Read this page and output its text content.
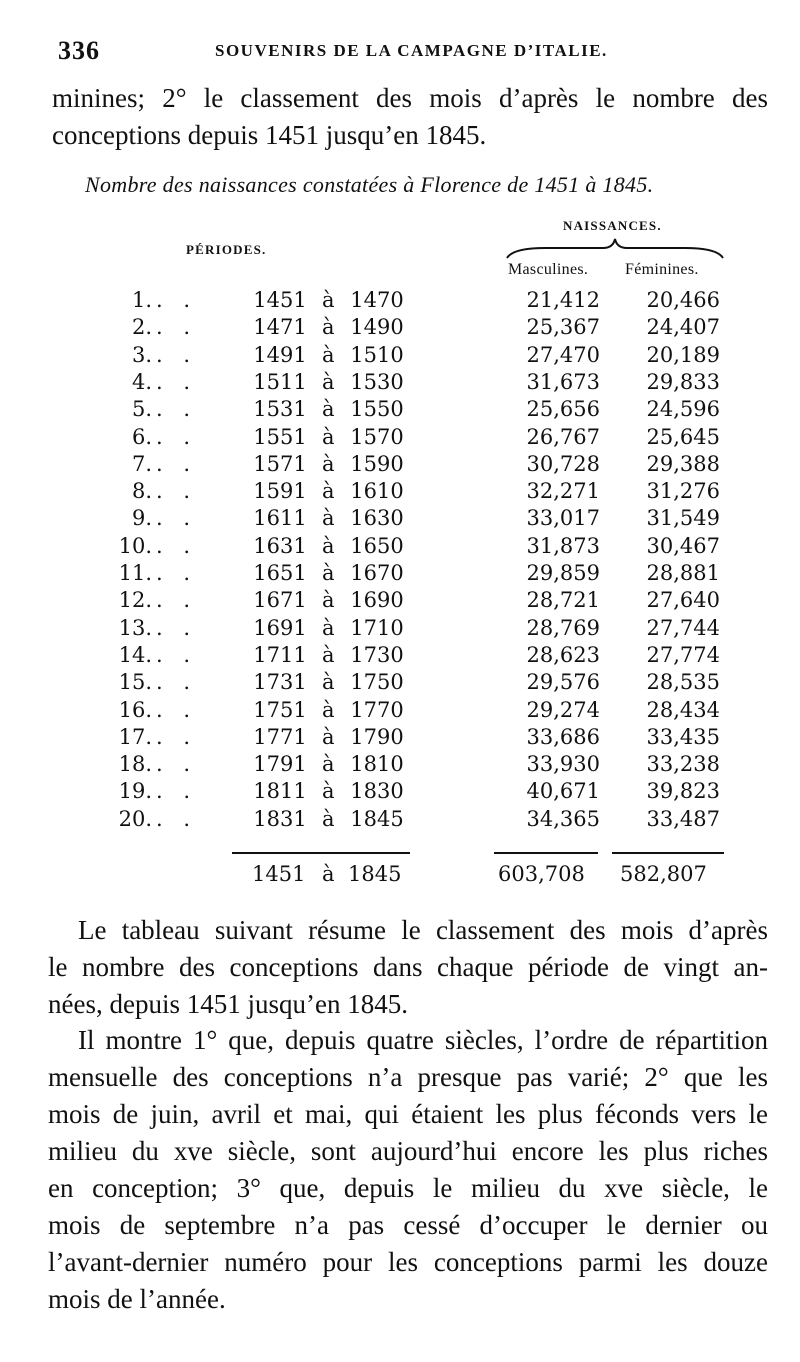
336	SOUVENIRS DE LA CAMPAGNE D’ITALIE.
minines; 2° le classement des mois d’après le nombre des
conceptions depuis 1451 jusqu’en 1845.
Nombre des naissances constatées à Florence de 1451 à 1845.
PÉRIODES.
NAISSANCES.
Masculines. Féminines.
1.	1451 à 1470	21,412	20,466
. .
2.	1471 à 1490	25,367	24,407
. .
3.	1491 à 1510	27,470	20,189
. .
4.	1511 à 1530	31,673	29,833
. .
5.	1531 à 1550	25,656	24,596
. .
6.	1551 à 1570	26,767	25,645
. .
7.	1571 à 1590	30,728	29,388
. .
8.	1591 à 1610	32,271	31,276
. .
9.	1611 à 1630	33,017	31,549
. .
10.	1631 à 1650	31,873	30,467
. .
11.	1651 à 1670	29,859	28,881
. .
12.	1671 à 1690	28,721	27,640
. .
13.	1691 à 1710	28,769	27,744
. .
14.	1711 à 1730	28,623	27,774
. .
15.	1731 à 1750	29,576	28,535
. .
16.	1751 à 1770	29,274	28,434
. .
17.	1771 à 1790	33,686	33,435
. .
18.	1791 à 1810	33,930	33,238
. .
19.	1811 à 1830	40,671	39,823
. .
20.	1831 à 1845	34,365	33,487
. .
1451 à 1845	603,708 582,807
Le tableau suivant résume le classement des mois d’après
le nombre des conceptions dans chaque période de vingt an-
nées, depuis 1451 jusqu’en 1845.
Il montre 1° que, depuis quatre siècles, l’ordre de répartition
mensuelle des conceptions n’a presque pas varié; 2° que les
mois de juin, avril et mai, qui étaient les plus féconds vers le
milieu du xve siècle, sont aujourd’hui encore les plus riches
en conception; 3° que, depuis le milieu du xve siècle, le
mois de septembre n’a pas cessé d’occuper le dernier ou
l’avant-dernier numéro pour les conceptions parmi les douze
mois de l’année.
